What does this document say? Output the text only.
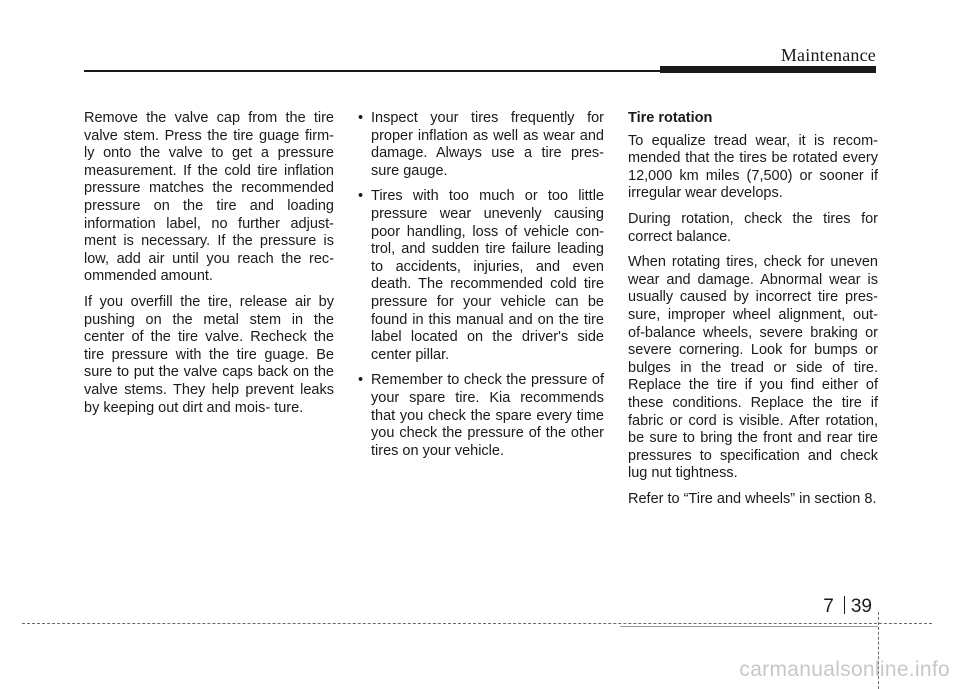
Maintenance

Remove the valve cap from the tire valve stem. Press the tire guage firm- ly onto the valve to get a pressure measurement. If the cold tire inflation pressure matches the recommended pressure on the tire and loading information label, no further adjust- ment is necessary. If the pressure is low, add air until you reach the rec- ommended amount.

If you overfill the tire, release air by pushing on the metal stem in the center of the tire valve. Recheck the tire pressure with the tire guage. Be sure to put the valve caps back on the valve stems. They help prevent leaks by keeping out dirt and mois- ture.

• Inspect your tires frequently for proper inflation as well as wear and damage. Always use a tire pres- sure gauge.
• Tires with too much or too little pressure wear unevenly causing poor handling, loss of vehicle con- trol, and sudden tire failure leading to accidents, injuries, and even death. The recommended cold tire pressure for your vehicle can be found in this manual and on the tire label located on the driver's side center pillar.
• Remember to check the pressure of your spare tire. Kia recommends that you check the spare every time you check the pressure of the other tires on your vehicle.
Tire rotation

To equalize tread wear, it is recom- mended that the tires be rotated every 12,000 km miles (7,500) or sooner if irregular wear develops.

During rotation, check the tires for correct balance.

When rotating tires, check for uneven wear and damage. Abnormal wear is usually caused by incorrect tire pres- sure, improper wheel alignment, out- of-balance wheels, severe braking or severe cornering. Look for bumps or bulges in the tread or side of tire. Replace the tire if you find either of these conditions. Replace the tire if fabric or cord is visible. After rotation, be sure to bring the front and rear tire pressures to specification and check lug nut tightness.

Refer to “Tire and wheels” in section 8.

7 39
carmanualsonline.info
